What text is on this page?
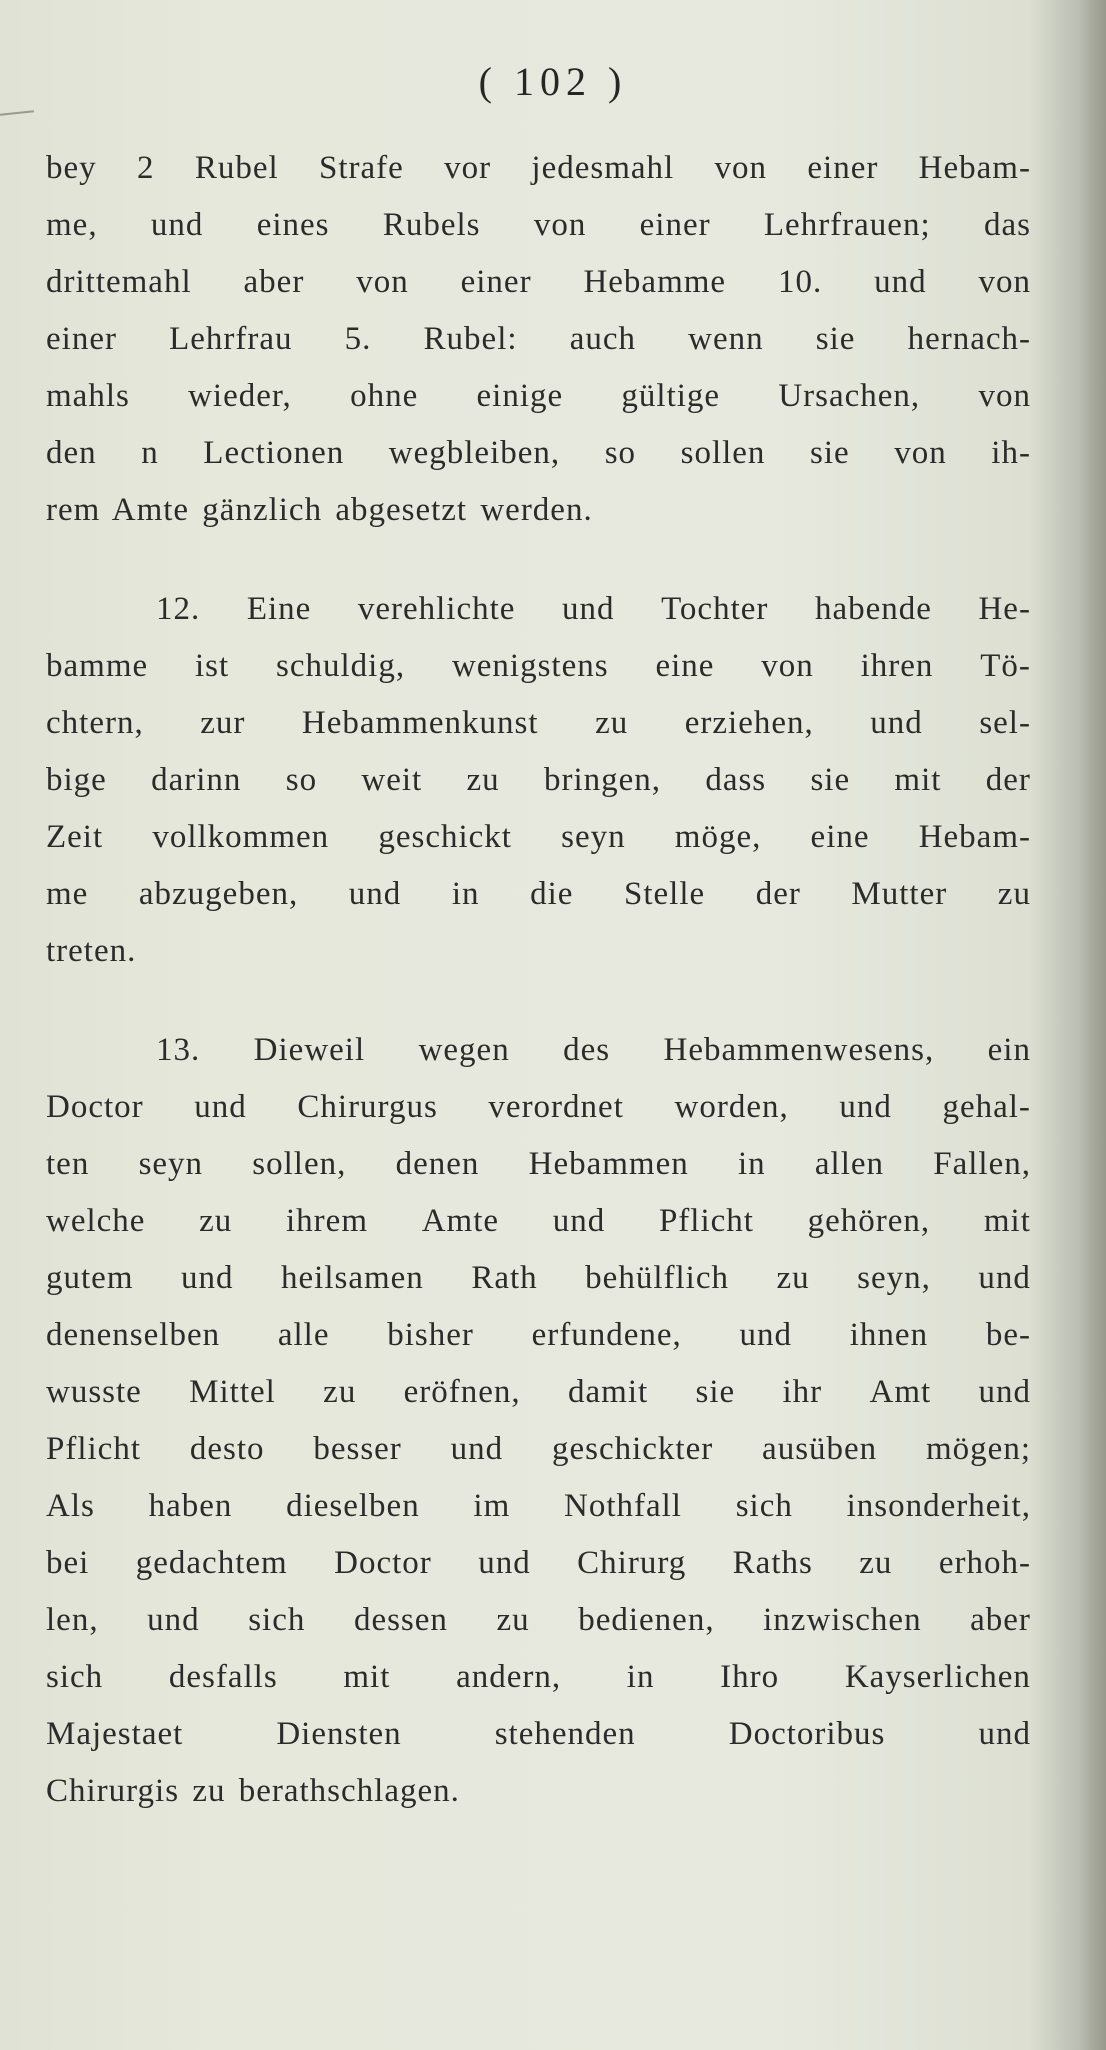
( 102 )
bey 2 Rubel Strafe vor jedesmahl von einer Hebam-
me, und eines Rubels von einer Lehrfrauen; das
drittemahl aber von einer Hebamme 10. und von
einer Lehrfrau 5. Rubel: auch wenn sie hernach-
mahls wieder, ohne einige gültige Ursachen, von
den n Lectionen wegbleiben, so sollen sie von ih-
rem Amte gänzlich abgesetzt werden.
12. Eine verehlichte und Tochter habende He-
bamme ist schuldig, wenigstens eine von ihren Tö-
chtern, zur Hebammenkunst zu erziehen, und sel-
bige darinn so weit zu bringen, dass sie mit der
Zeit vollkommen geschickt seyn möge, eine Hebam-
me abzugeben, und in die Stelle der Mutter zu
treten.
13. Dieweil wegen des Hebammenwesens, ein
Doctor und Chirurgus verordnet worden, und gehal-
ten seyn sollen, denen Hebammen in allen Fallen,
welche zu ihrem Amte und Pflicht gehören, mit
gutem und heilsamen Rath behülflich zu seyn, und
denenselben alle bisher erfundene, und ihnen be-
wusste Mittel zu eröfnen, damit sie ihr Amt und
Pflicht desto besser und geschickter ausüben mögen;
Als haben dieselben im Nothfall sich insonderheit,
bei gedachtem Doctor und Chirurg Raths zu erhoh-
len, und sich dessen zu bedienen, inzwischen aber
sich desfalls mit andern, in Ihro Kayserlichen
Majestaet	Diensten	stehenden	Doctoribus	und
Chirurgis zu berathschlagen.
